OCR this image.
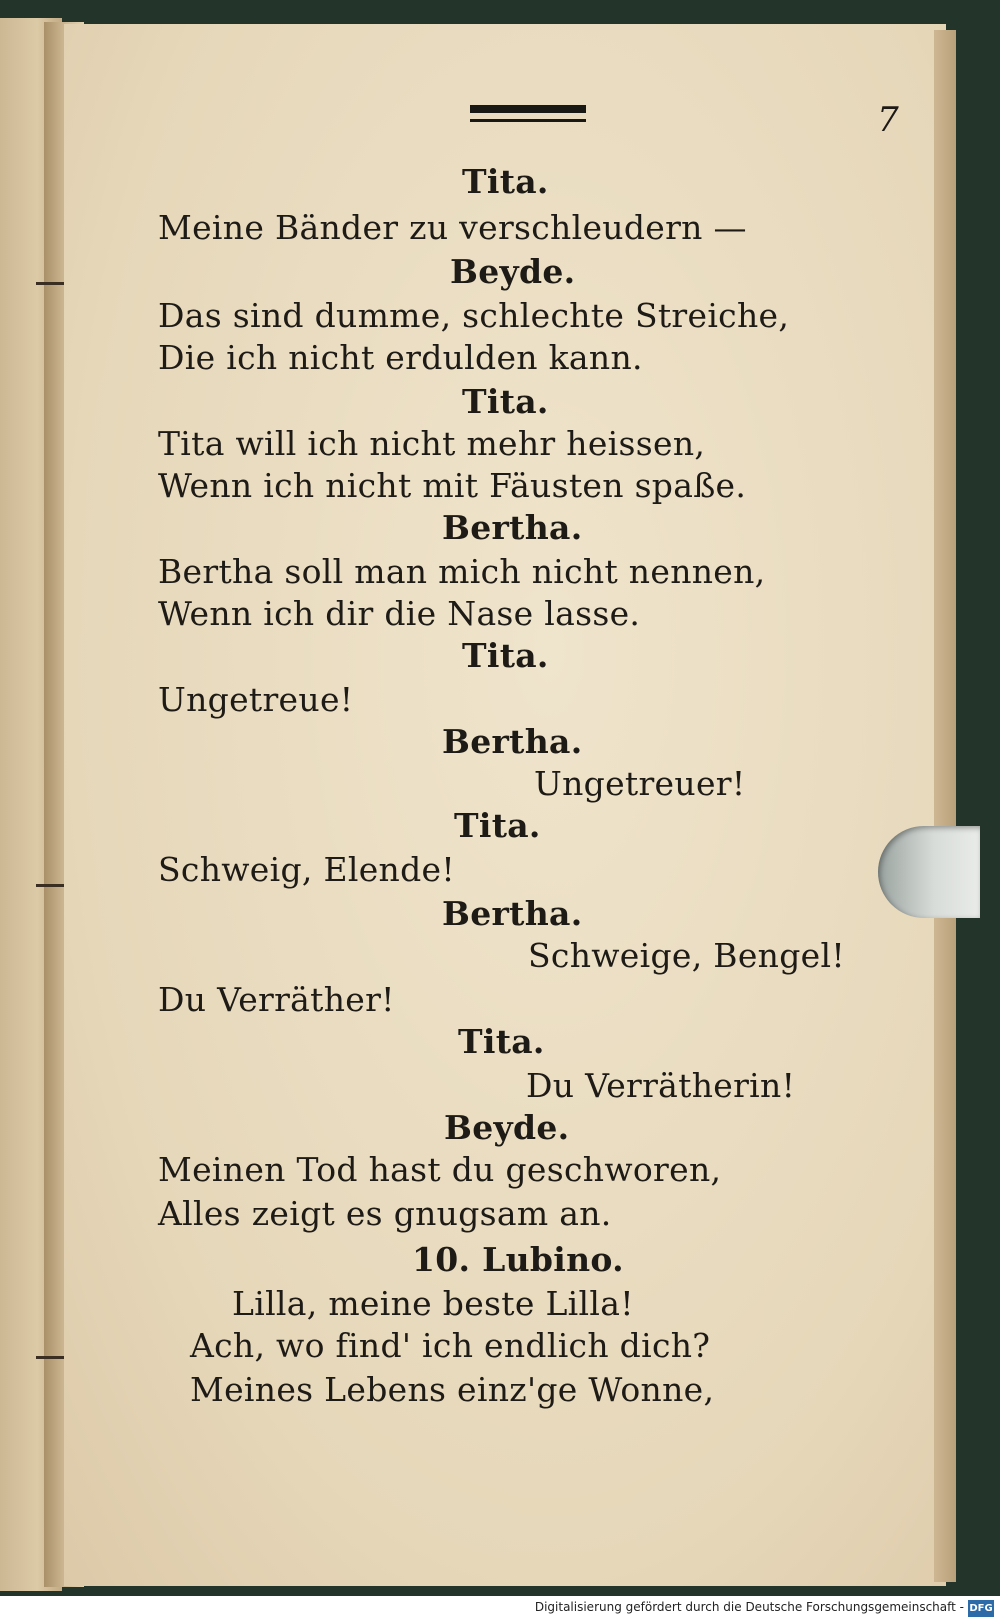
7
Tita.
Meine Bänder zu verschleudern —
Beyde.
Das sind dumme, schlechte Streiche,
Die ich nicht erdulden kann.
Tita.
Tita will ich nicht mehr heissen,
Wenn ich nicht mit Fäusten spaße.
Bertha.
Bertha soll man mich nicht nennen,
Wenn ich dir die Nase lasse.
Tita.
Ungetreue!
Bertha.
Ungetreuer!
Tita.
Schweig, Elende!
Bertha.
Schweige, Bengel!
Du Verräther!
Tita.
Du Verrätherin!
Beyde.
Meinen Tod hast du geschworen,
Alles zeigt es gnugsam an.
10. Lubino.
Lilla, meine beste Lilla!
Ach, wo find' ich endlich dich?
Meines Lebens einz'ge Wonne,
Digitalisierung gefördert durch die Deutsche Forschungsgemeinschaft - DFG
